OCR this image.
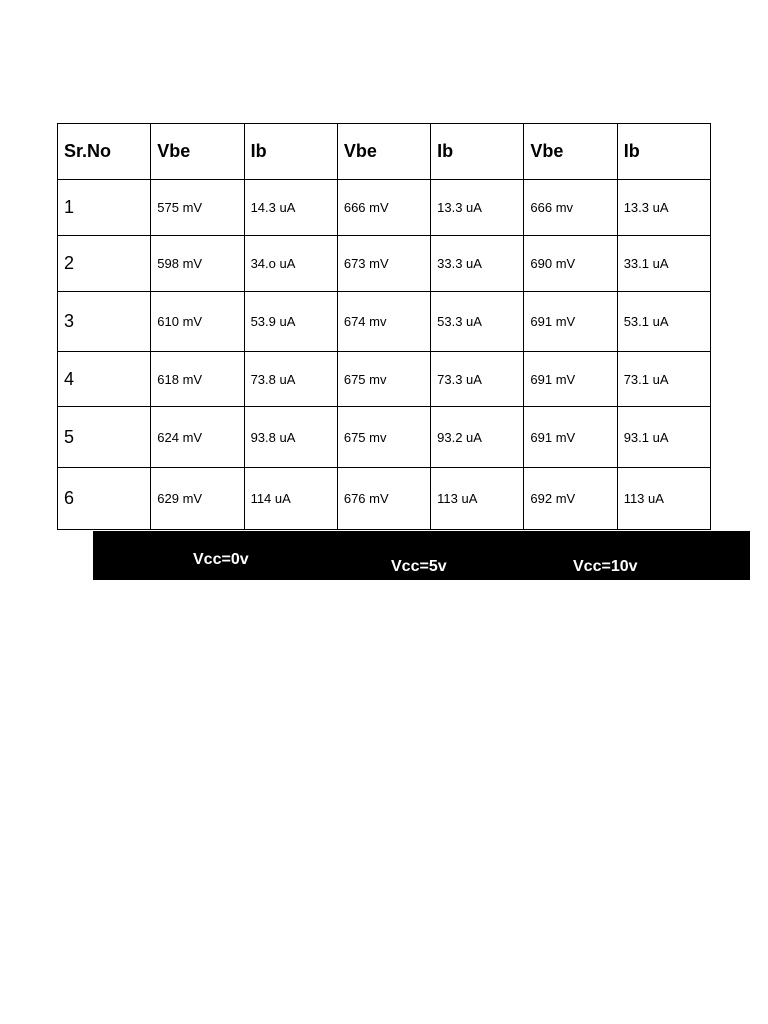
Sr.No	Vbe	Ib	Vbe	Ib	Vbe	Ib
1	575 mV	14.3 uA	666 mV	13.3 uA	666 mv	13.3 uA
2	598 mV	34.o uA	673 mV	33.3 uA	690 mV	33.1 uA
3	610 mV	53.9 uA	674 mv	53.3 uA	691 mV	53.1 uA
4	618 mV	73.8 uA	675 mv	73.3 uA	691 mV	73.1 uA
5	624 mV	93.8 uA	675 mv	93.2 uA	691 mV	93.1 uA
6	629 mV	114 uA	676 mV	113 uA	692 mV	113 uA
Vcc=0v	Vcc=5v	Vcc=10v
